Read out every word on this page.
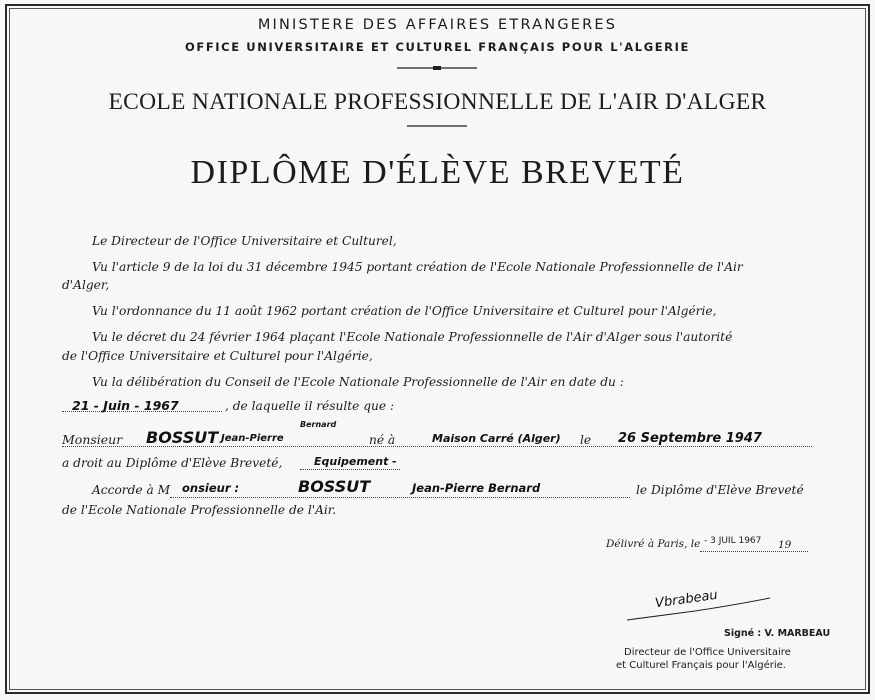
MINISTERE DES AFFAIRES ETRANGERES
OFFICE UNIVERSITAIRE ET CULTUREL FRANÇAIS POUR L'ALGERIE
ECOLE NATIONALE PROFESSIONNELLE DE L'AIR D'ALGER
DIPLÔME D'ÉLÈVE BREVETÉ
Le Directeur de l'Office Universitaire et Culturel,
Vu l'article 9 de la loi du 31 décembre 1945 portant création de l'Ecole Nationale Professionnelle de l'Air
d'Alger,
Vu l'ordonnance du 11 août 1962 portant création de l'Office Universitaire et Culturel pour l'Algérie,
Vu le décret du 24 février 1964 plaçant l'Ecole Nationale Professionnelle de l'Air d'Alger sous l'autorité
de l'Office Universitaire et Culturel pour l'Algérie,
Vu la délibération du Conseil de l'Ecole Nationale Professionnelle de l'Air en date du :
21 - Juin - 1967	, de laquelle il résulte que :
Monsieur BOSSUT Jean-Pierre
Bernard
né à	Maison Carré (Alger) le 26 Septembre 1947
a droit au Diplôme d'Elève Breveté,	Equipement -
Accorde à M onsieur :	BOSSUT	Jean-Pierre Bernard	le Diplôme d'Elève Breveté
de l'Ecole Nationale Professionnelle de l'Air.
Délivré à Paris, le - 3 JUIL 1967 19
Vbrabeau
Signé : V. MARBEAU
Directeur de l'Office Universitaire
et Culturel Français pour l'Algérie.
